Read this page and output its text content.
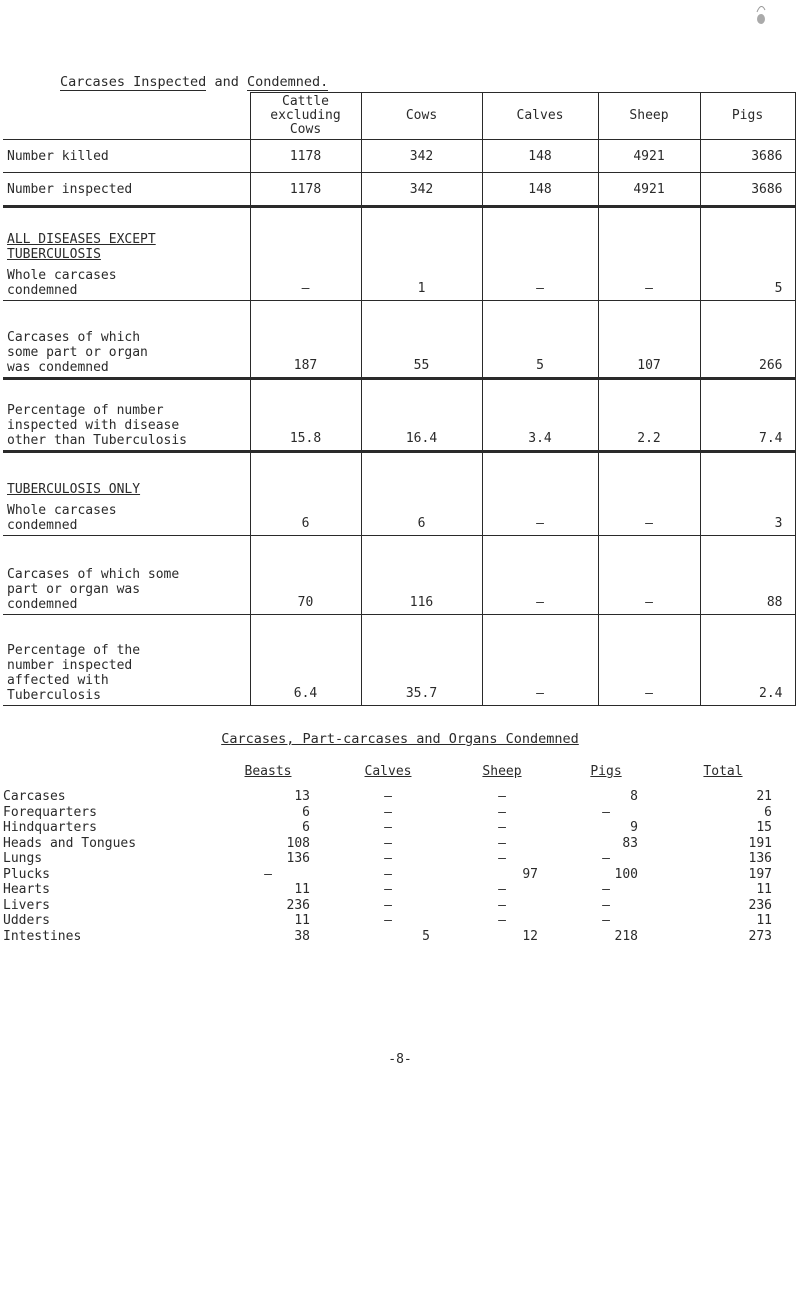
Carcases Inspected and Condemned.
	Cattle
excluding
Cows	Cows	Calves	Sheep	Pigs

Number killed	1178	342	148	4921	3686

Number inspected	1178	342	148	4921	3686

ALL DISEASES EXCEPT
TUBERCULOSIS
Whole carcases
condemned	–	1	–	–	5

Carcases of which
some part or organ
was condemned	187	55	5	107	266

Percentage of number
inspected with disease
other than Tuberculosis	15.8	16.4	3.4	2.2	7.4

TUBERCULOSIS ONLY
Whole carcases
condemned	6	6	–	–	3

Carcases of which some
part or organ was
condemned	70	116	–	–	88

Percentage of the
number inspected
affected with
Tuberculosis	6.4	35.7	–	–	2.4
Carcases, Part-carcases and Organs Condemned
	Beasts	Calves	Sheep	Pigs	Total
Carcases	13	–	–	8	21
Forequarters	6	–	–	–	6
Hindquarters	6	–	–	9	15
Heads and Tongues	108	–	–	83	191
Lungs	136	–	–	–	136
Plucks	–	–	97	100	197
Hearts	11	–	–	–	11
Livers	236	–	–	–	236
Udders	11	–	–	–	11
Intestines	38	5	12	218	273
-8-
